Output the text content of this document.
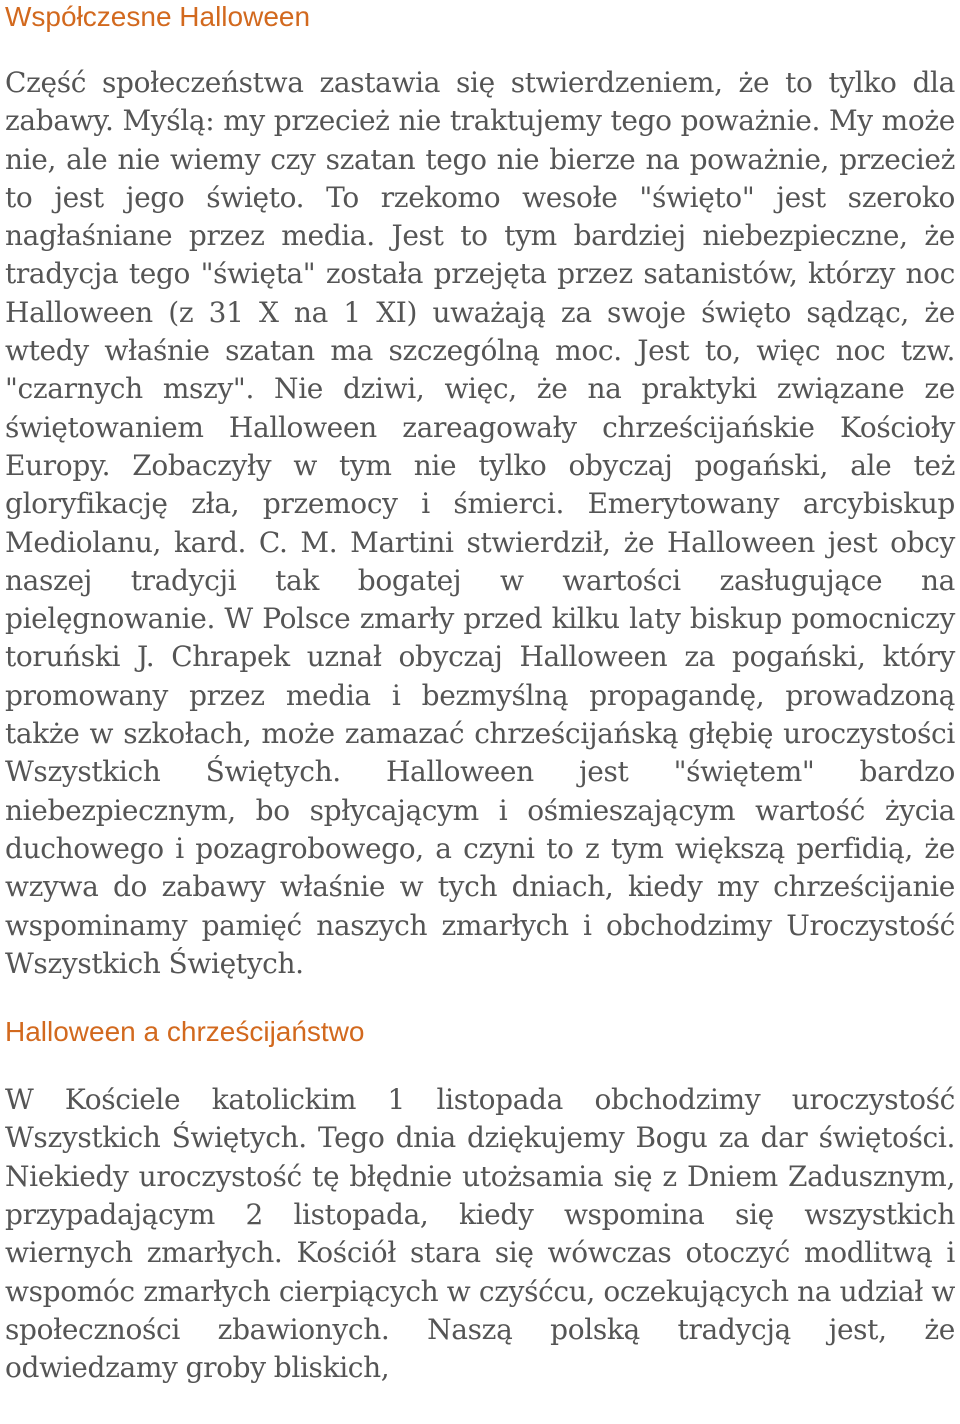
Współczesne Halloween

Część społeczeństwa zastawia się stwierdzeniem, że to tylko dla zabawy. Myślą: my przecież nie traktujemy tego poważnie. My może nie, ale nie wiemy czy szatan tego nie bierze na poważnie, przecież to jest jego święto. To rzekomo wesołe "święto" jest szeroko nagłaśniane przez media. Jest to tym bardziej niebezpieczne, że tradycja tego "święta" została przejęta przez satanistów, którzy noc Halloween (z 31 X na 1 XI) uważają za swoje święto sądząc, że wtedy właśnie szatan ma szczególną moc. Jest to, więc noc tzw. "czarnych mszy". Nie dziwi, więc, że na praktyki związane ze świętowaniem Halloween zareagowały chrześcijańskie Kościoły Europy. Zobaczyły w tym nie tylko obyczaj pogański, ale też gloryfikację zła, przemocy i śmierci. Emerytowany arcybiskup Mediolanu, kard. C. M. Martini stwierdził, że Halloween jest obcy naszej tradycji tak bogatej w wartości zasługujące na pielęgnowanie. W Polsce zmarły przed kilku laty biskup pomocniczy toruński J. Chrapek uznał obyczaj Halloween za pogański, który promowany przez media i bezmyślną propagandę, prowadzoną także w szkołach, może zamazać chrześcijańską głębię uroczystości Wszystkich Świętych. Halloween jest "świętem" bardzo niebezpiecznym, bo spłycającym i ośmieszającym wartość życia duchowego i pozagrobowego, a czyni to z tym większą perfidią, że wzywa do zabawy właśnie w tych dniach, kiedy my chrześcijanie wspominamy pamięć naszych zmarłych i obchodzimy Uroczystość Wszystkich Świętych.

Halloween a chrześcijaństwo

W Kościele katolickim 1 listopada obchodzimy uroczystość Wszystkich Świętych. Tego dnia dziękujemy Bogu za dar świętości. Niekiedy uroczystość tę błędnie utożsamia się z Dniem Zadusznym, przypadającym 2 listopada, kiedy wspomina się wszystkich wiernych zmarłych. Kościół stara się wówczas otoczyć modlitwą i wspomóc zmarłych cierpiących w czyśćcu, oczekujących na udział w społeczności zbawionych. Naszą polską tradycją jest, że odwiedzamy groby bliskich,
